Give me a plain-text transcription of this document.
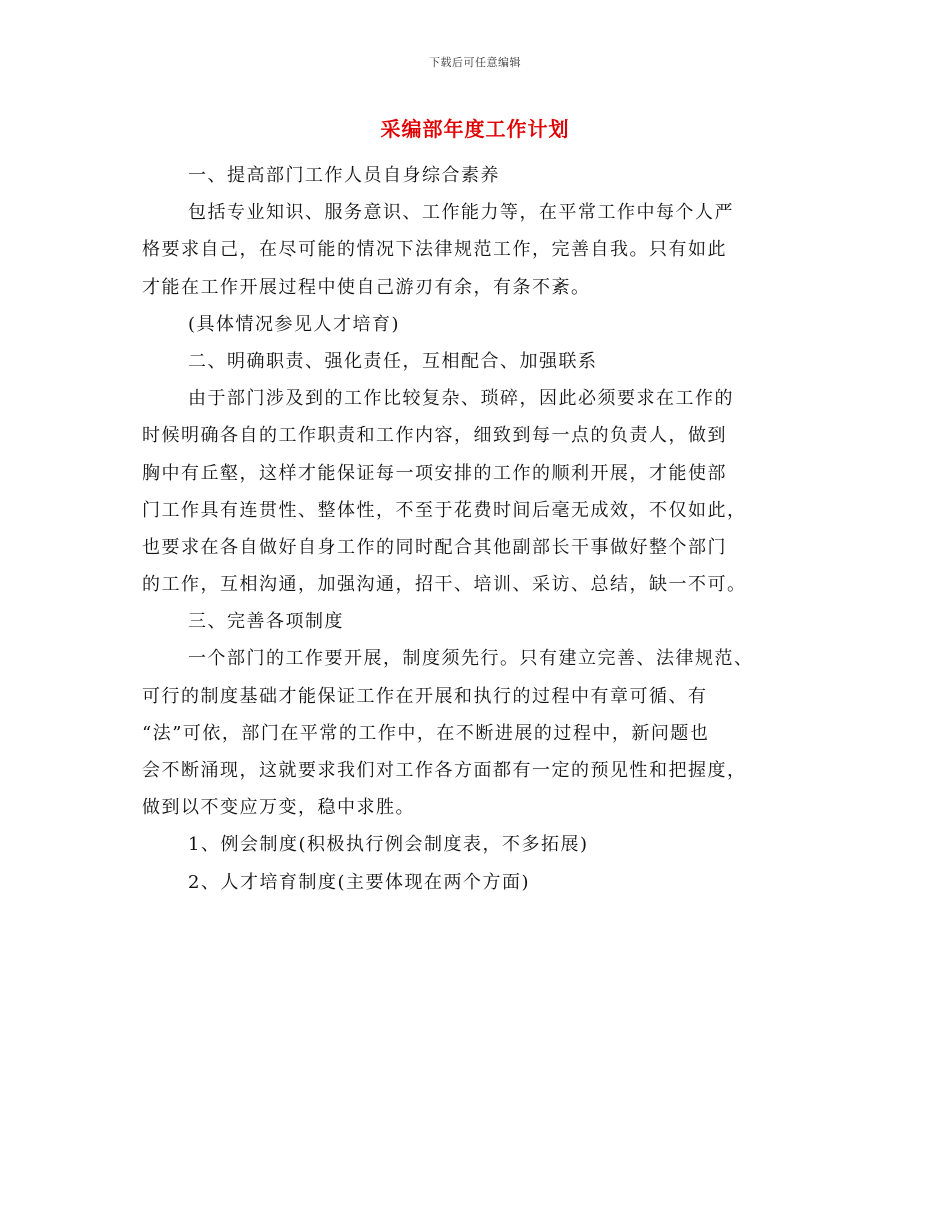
下载后可任意编辑
采编部年度工作计划
一、提高部门工作人员自身综合素养
包括专业知识、服务意识、工作能力等，在平常工作中每个人严
格要求自己，在尽可能的情况下法律规范工作，完善自我。只有如此
才能在工作开展过程中使自己游刃有余，有条不紊。
(具体情况参见人才培育)
二、明确职责、强化责任，互相配合、加强联系
由于部门涉及到的工作比较复杂、琐碎，因此必须要求在工作的
时候明确各自的工作职责和工作内容，细致到每一点的负责人，做到
胸中有丘壑，这样才能保证每一项安排的工作的顺利开展，才能使部
门工作具有连贯性、整体性，不至于花费时间后毫无成效，不仅如此，
也要求在各自做好自身工作的同时配合其他副部长干事做好整个部门
的工作，互相沟通，加强沟通，招干、培训、采访、总结，缺一不可。
三、完善各项制度
一个部门的工作要开展，制度须先行。只有建立完善、法律规范、
可行的制度基础才能保证工作在开展和执行的过程中有章可循、有
“法”可依，部门在平常的工作中，在不断进展的过程中，新问题也
会不断涌现，这就要求我们对工作各方面都有一定的预见性和把握度，
做到以不变应万变，稳中求胜。
1、例会制度(积极执行例会制度表，不多拓展)
2、人才培育制度(主要体现在两个方面)
